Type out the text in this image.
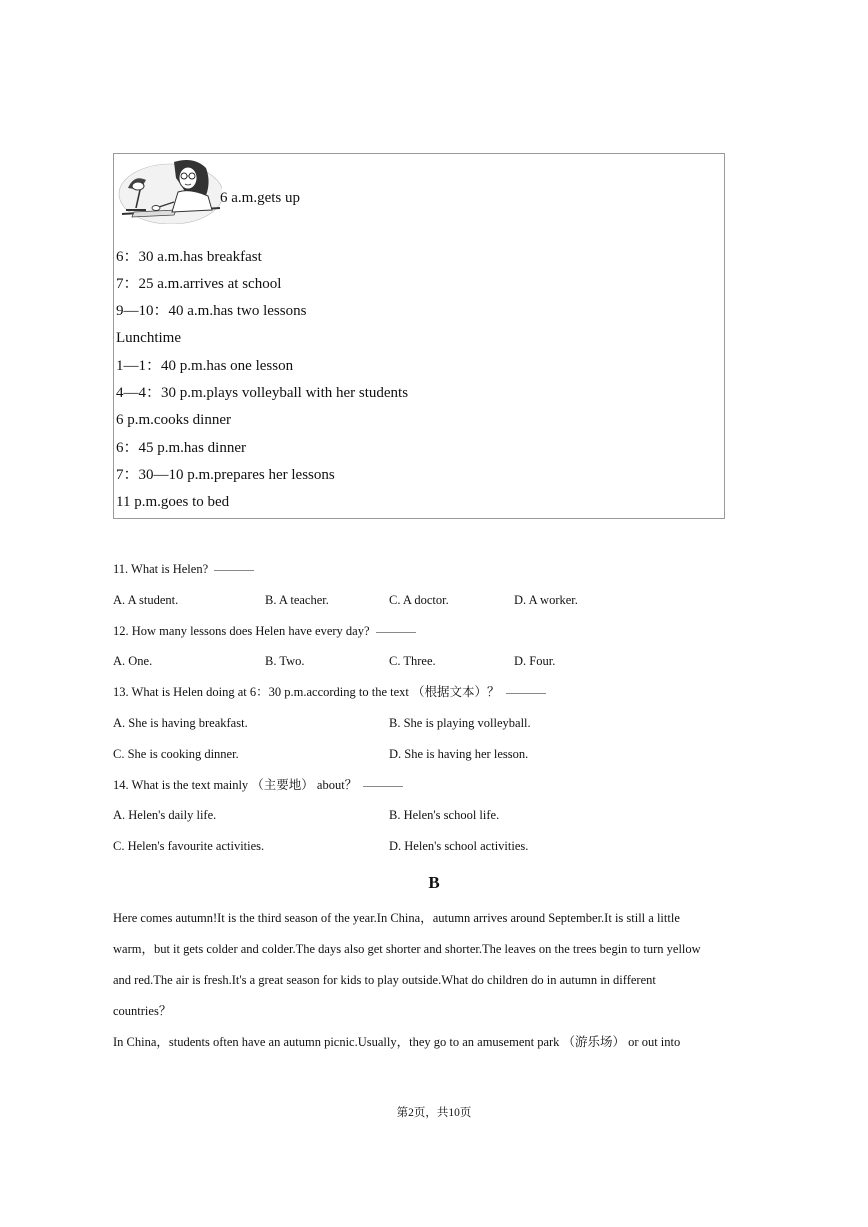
6 a.m.gets up
6：30 a.m.has breakfast
7：25 a.m.arrives at school
9—10：40 a.m.has two lessons
Lunchtime
1—1：40 p.m.has one lesson
4—4：30 p.m.plays volleyball with her students
6 p.m.cooks dinner
6：45 p.m.has dinner
7：30—10 p.m.prepares her lessons
11 p.m.goes to bed
11. What is Helen?
A. A student.	B. A teacher.	C. A doctor.	D. A worker.
12. How many lessons does Helen have every day?
A. One.	B. Two.	C. Three.	D. Four.
13. What is Helen doing at 6：30 p.m.according to the text （根据文本）？
A. She is having breakfast.	B. She is playing volleyball.
C. She is cooking dinner.	D. She is having her lesson.
14. What is the text mainly （主要地） about？
A. Helen's daily life.	B. Helen's school life.
C. Helen's favourite activities.	D. Helen's school activities.
B
Here comes autumn!It is the third season of the year.In China，autumn arrives around September.It is still a little
warm，but it gets colder and colder.The days also get shorter and shorter.The leaves on the trees begin to turn yellow
and red.The air is fresh.It's a great season for kids to play outside.What do children do in autumn in different
countries？
In China，students often have an autumn picnic.Usually，they go to an amusement park （游乐场） or out into
第2页，共10页
